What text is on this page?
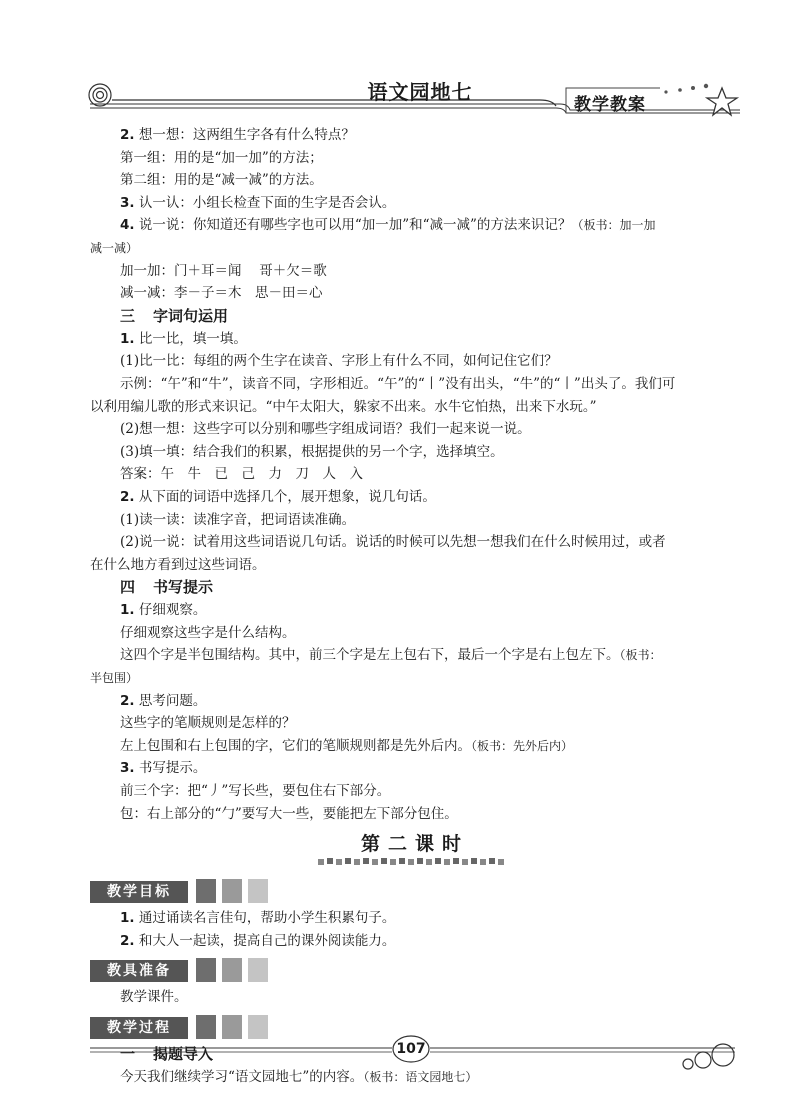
语文园地七
教学教案
2. 想一想：这两组生字各有什么特点？
第一组：用的是“加一加”的方法；
第二组：用的是“减一减”的方法。
3. 认一认：小组长检查下面的生字是否会认。
4. 说一说：你知道还有哪些字也可以用“加一加”和“减一减”的方法来识记？（板书：加一加
减一减）
加一加：门＋耳＝闻　 哥＋欠＝歌
减一减：李－子＝木　思－田＝心
三 字词句运用
1. 比一比，填一填。
(1)比一比：每组的两个生字在读音、字形上有什么不同，如何记住它们？
示例：“午”和“牛”，读音不同，字形相近。“午”的“丨”没有出头，“牛”的“丨”出头了。我们可
以利用编儿歌的形式来识记。“中午太阳大，躲家不出来。水牛它怕热，出来下水玩。”
(2)想一想：这些字可以分别和哪些字组成词语？我们一起来说一说。
(3)填一填：结合我们的积累，根据提供的另一个字，选择填空。
答案：午　牛　已　己　力　刀　人　入
2. 从下面的词语中选择几个，展开想象，说几句话。
(1)读一读：读准字音，把词语读准确。
(2)说一说：试着用这些词语说几句话。说话的时候可以先想一想我们在什么时候用过，或者
在什么地方看到过这些词语。
四 书写提示
1. 仔细观察。
仔细观察这些字是什么结构。
这四个字是半包围结构。其中，前三个字是左上包右下，最后一个字是右上包左下。（板书：
半包围）
2. 思考问题。
这些字的笔顺规则是怎样的？
左上包围和右上包围的字，它们的笔顺规则都是先外后内。（板书：先外后内）
3. 书写提示。
前三个字：把“丿”写长些，要包住右下部分。
包：右上部分的“勹”要写大一些，要能把左下部分包住。
第二课时
教学目标
1. 通过诵读名言佳句，帮助小学生积累句子。
2. 和大人一起读，提高自己的课外阅读能力。
教具准备
教学课件。
教学过程
一 揭题导入
今天我们继续学习“语文园地七”的内容。（板书：语文园地七）
107
